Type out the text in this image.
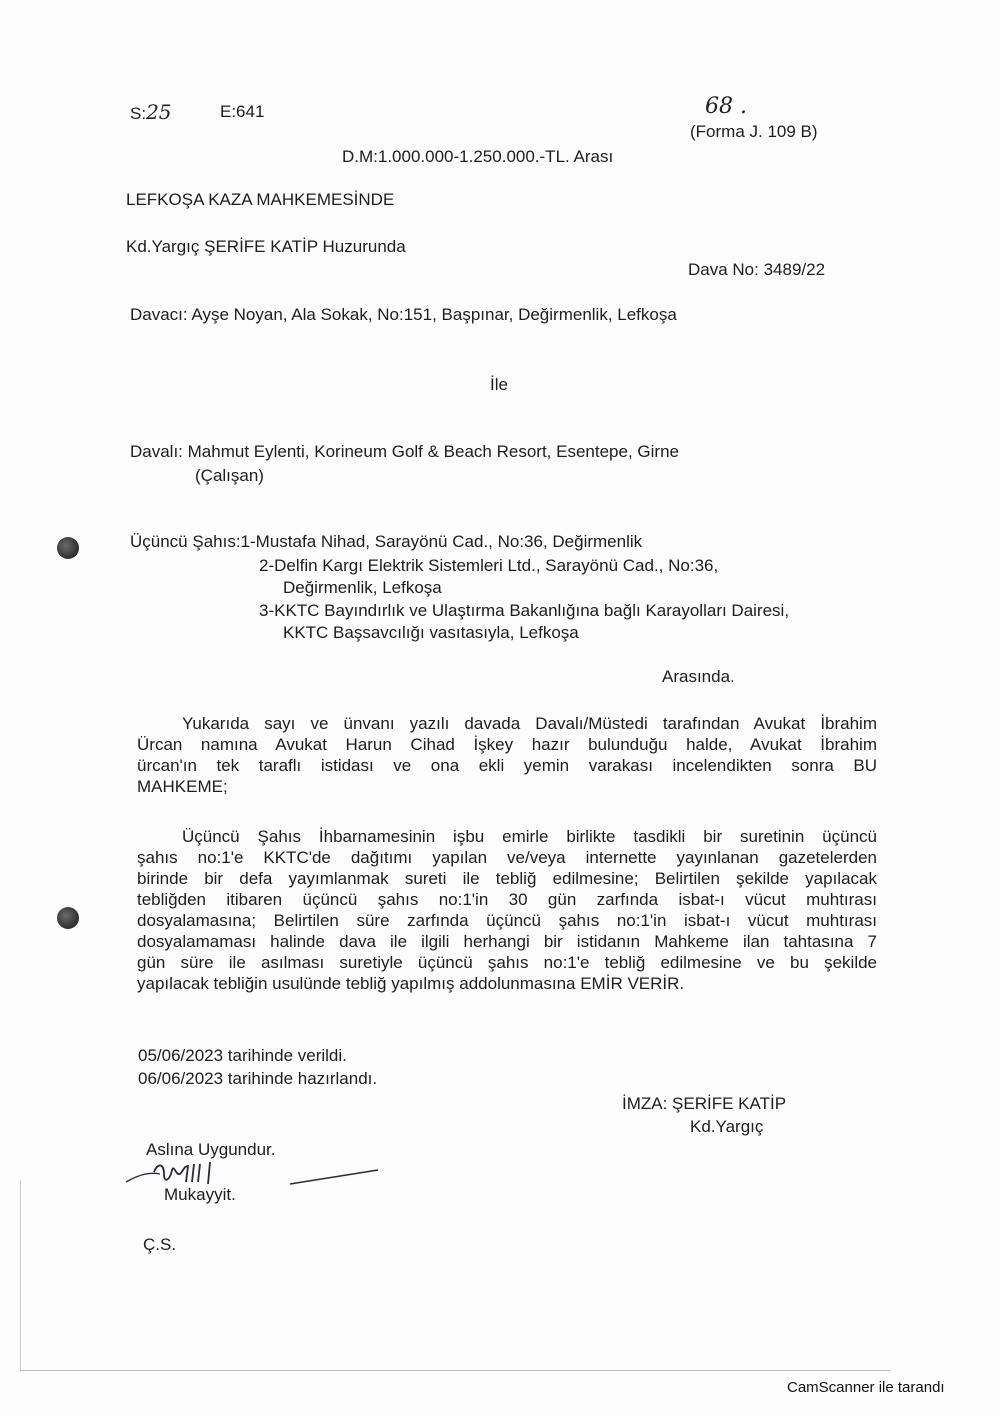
S:25	E:641	68 .
(Forma J. 109 B)
D.M:1.000.000-1.250.000.-TL. Arası
LEFKOŞA KAZA MAHKEMESİNDE
Kd.Yargıç ŞERİFE KATİP Huzurunda
Dava No: 3489/22
Davacı: Ayşe Noyan, Ala Sokak, No:151, Başpınar, Değirmenlik, Lefkoşa
İle
Davalı: Mahmut Eylenti, Korineum Golf & Beach Resort, Esentepe, Girne
(Çalışan)
Üçüncü Şahıs:1-Mustafa Nihad, Sarayönü Cad., No:36, Değirmenlik
2-Delfin Kargı Elektrik Sistemleri Ltd., Sarayönü Cad., No:36,
Değirmenlik, Lefkoşa
3-KKTC Bayındırlık ve Ulaştırma Bakanlığına bağlı Karayolları Dairesi,
KKTC Başsavcılığı vasıtasıyla, Lefkoşa
Arasında.
Yukarıda sayı ve ünvanı yazılı davada Davalı/Müstedi tarafından Avukat İbrahim
Ürcan namına Avukat Harun Cihad İşkey hazır bulunduğu halde, Avukat İbrahim
ürcan'ın tek taraflı istidası ve ona ekli yemin varakası incelendikten sonra BU
MAHKEME;
Üçüncü Şahıs İhbarnamesinin işbu emirle birlikte tasdikli bir suretinin üçüncü
şahıs no:1'e KKTC'de dağıtımı yapılan ve/veya internette yayınlanan gazetelerden
birinde bir defa yayımlanmak sureti ile tebliğ edilmesine; Belirtilen şekilde yapılacak
tebliğden itibaren üçüncü şahıs no:1'in 30 gün zarfında isbat-ı vücut muhtırası
dosyalamasına; Belirtilen süre zarfında üçüncü şahıs no:1'in isbat-ı vücut muhtırası
dosyalamaması halinde dava ile ilgili herhangi bir istidanın Mahkeme ilan tahtasına 7
gün süre ile asılması suretiyle üçüncü şahıs no:1'e tebliğ edilmesine ve bu şekilde
yapılacak tebliğin usulünde tebliğ yapılmış addolunmasına EMİR VERİR.
05/06/2023 tarihinde verildi.
06/06/2023 tarihinde hazırlandı.
İMZA: ŞERİFE KATİP
Kd.Yargıç
Aslına Uygundur.
Mukayyit.
Ç.S.
CamScanner ile tarandı
